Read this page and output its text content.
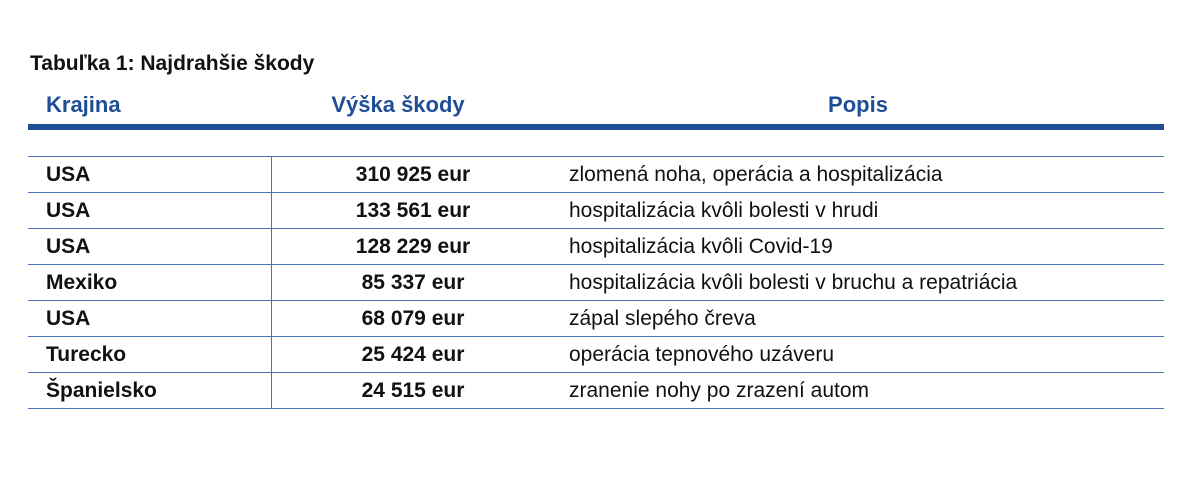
Tabuľka 1: Najdrahšie škody
Krajina	Výška škody	Popis
USA	310 925 eur	zlomená noha, operácia a hospitalizácia
USA	133 561 eur	hospitalizácia kvôli bolesti v hrudi
USA	128 229 eur	hospitalizácia kvôli Covid-19
Mexiko	85 337 eur	hospitalizácia kvôli bolesti v bruchu a repatriácia
USA	68 079 eur	zápal slepého čreva
Turecko	25 424 eur	operácia tepnového uzáveru
Španielsko	24 515 eur	zranenie nohy po zrazení autom
